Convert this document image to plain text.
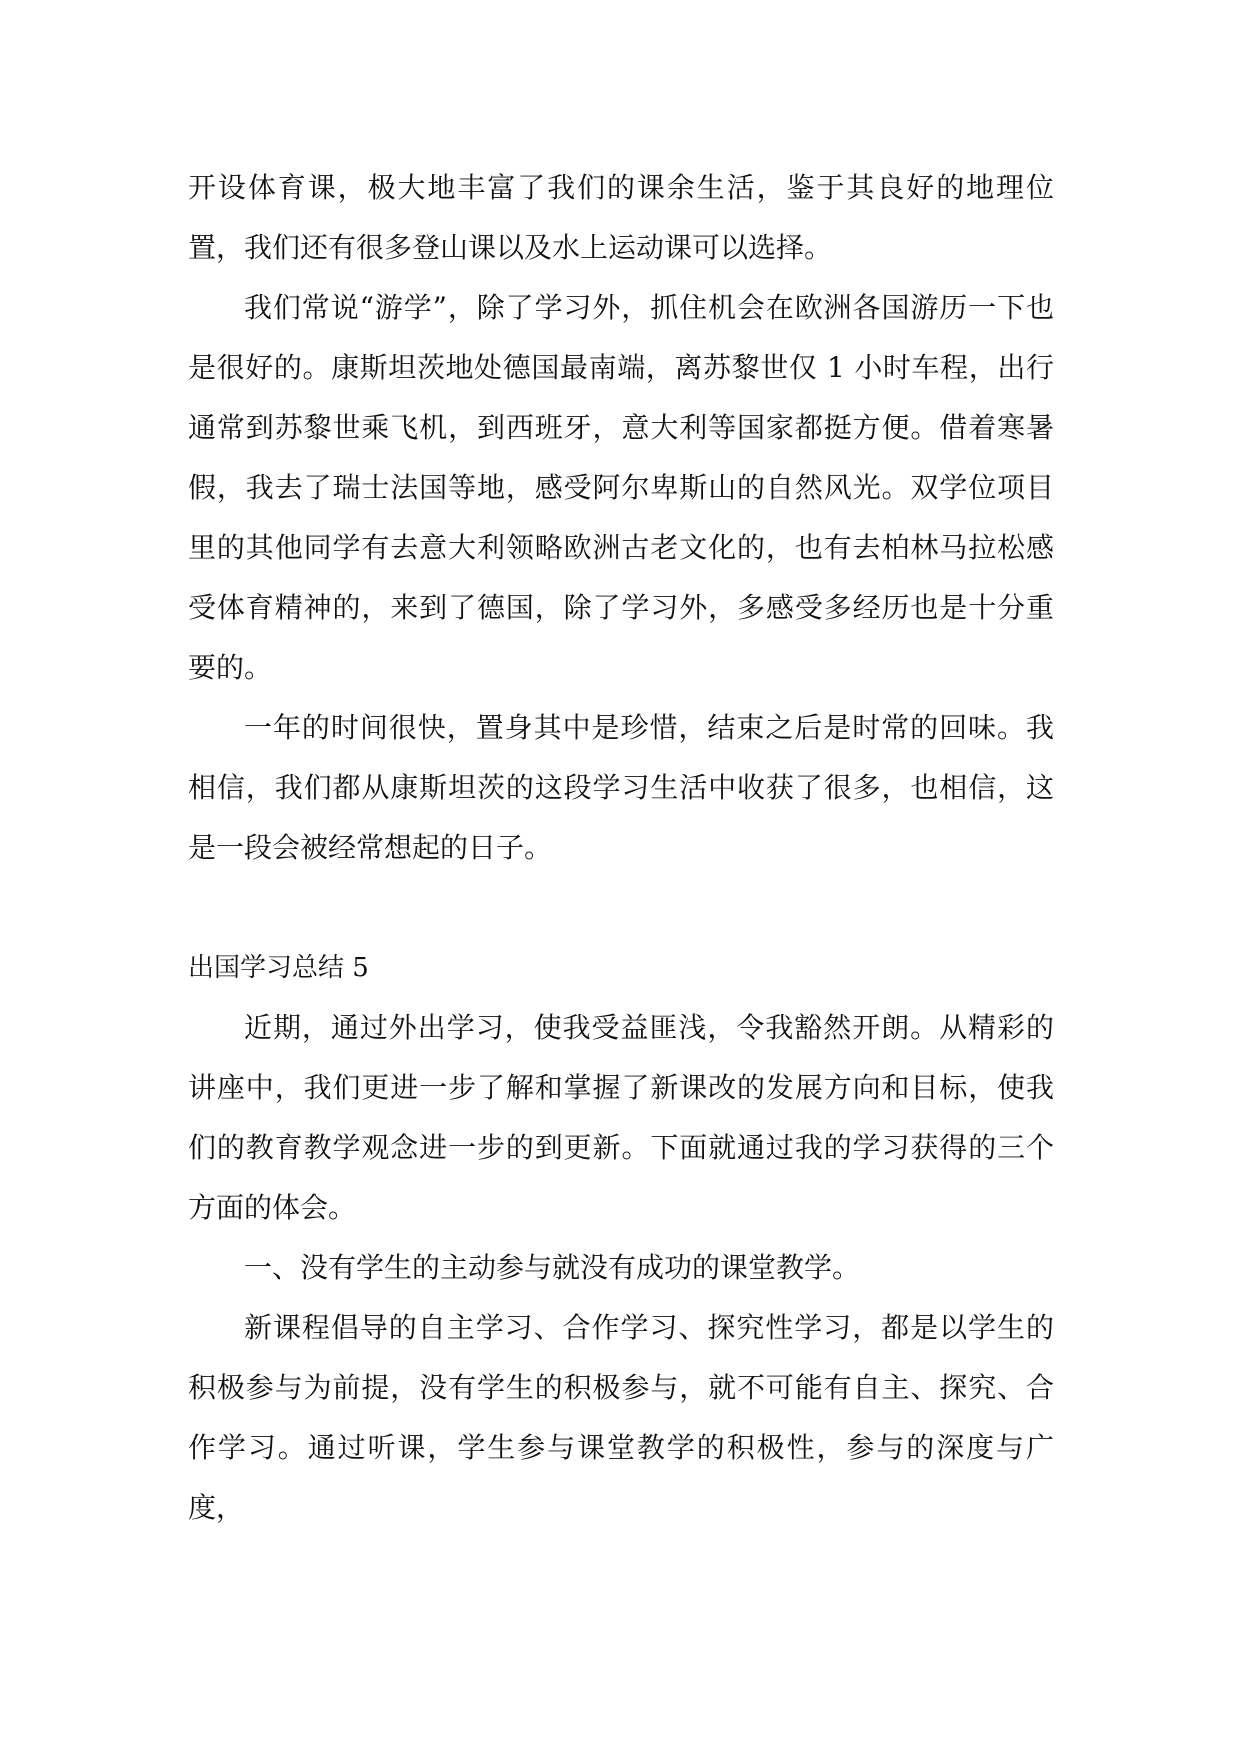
开设体育课，极大地丰富了我们的课余生活，鉴于其良好的地理位置，我们还有很多登山课以及水上运动课可以选择。

我们常说“游学”，除了学习外，抓住机会在欧洲各国游历一下也是很好的。康斯坦茨地处德国最南端，离苏黎世仅 1 小时车程，出行通常到苏黎世乘飞机，到西班牙，意大利等国家都挺方便。借着寒暑假，我去了瑞士法国等地，感受阿尔卑斯山的自然风光。双学位项目里的其他同学有去意大利领略欧洲古老文化的，也有去柏林马拉松感受体育精神的，来到了德国，除了学习外，多感受多经历也是十分重要的。

一年的时间很快，置身其中是珍惜，结束之后是时常的回味。我相信，我们都从康斯坦茨的这段学习生活中收获了很多，也相信，这是一段会被经常想起的日子。

出国学习总结 5

近期，通过外出学习，使我受益匪浅，令我豁然开朗。从精彩的讲座中，我们更进一步了解和掌握了新课改的发展方向和目标，使我们的教育教学观念进一步的到更新。下面就通过我的学习获得的三个方面的体会。

一、没有学生的主动参与就没有成功的课堂教学。

新课程倡导的自主学习、合作学习、探究性学习，都是以学生的积极参与为前提，没有学生的积极参与，就不可能有自主、探究、合作学习。通过听课，学生参与课堂教学的积极性，参与的深度与广度，
